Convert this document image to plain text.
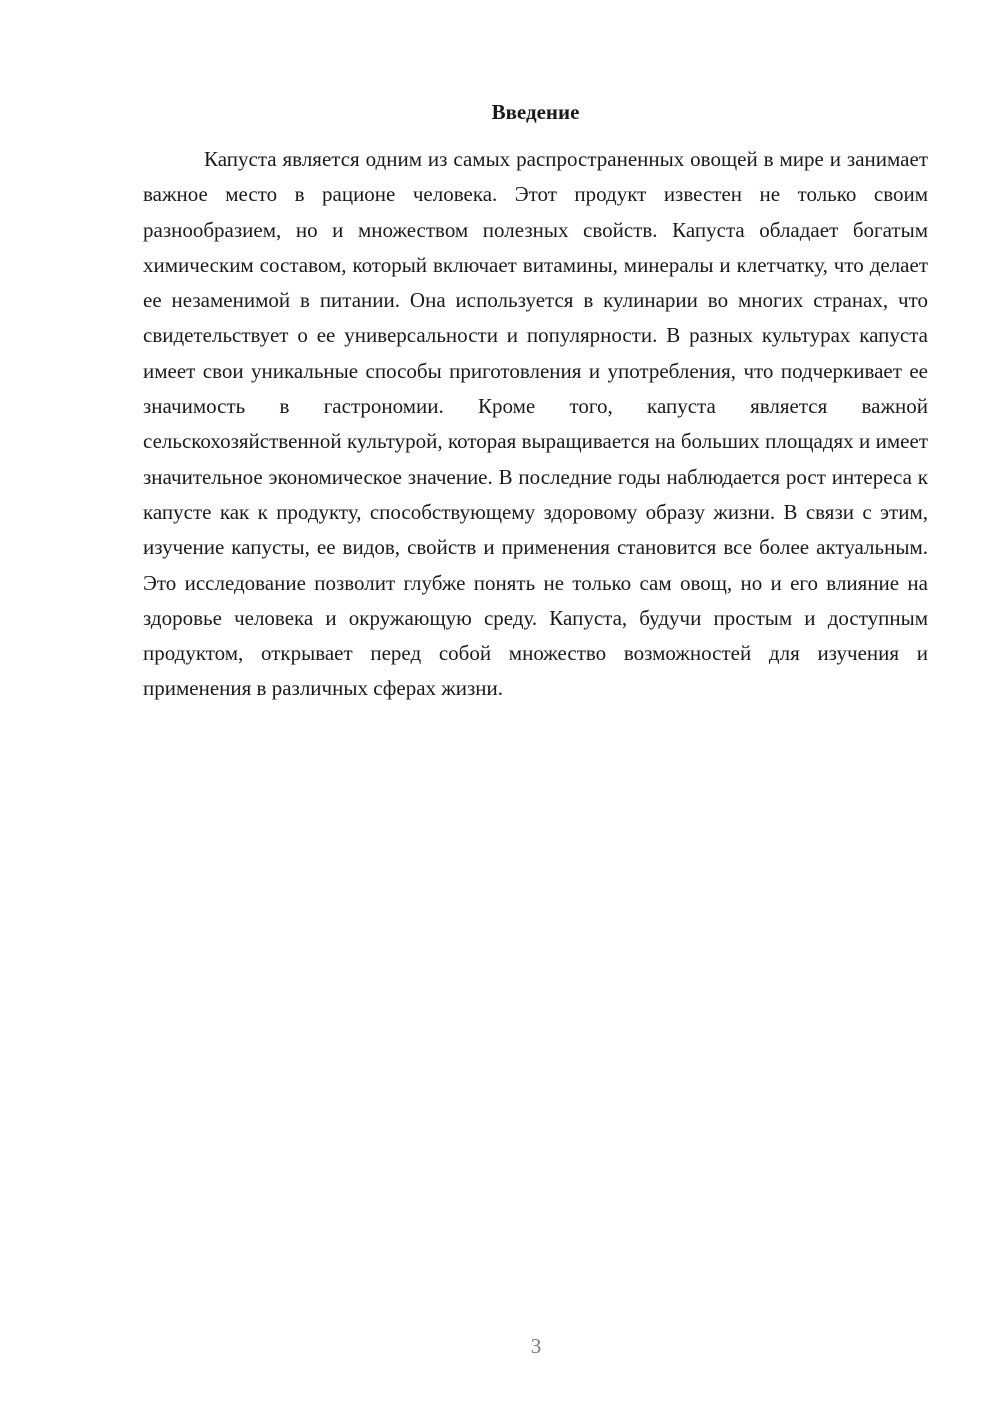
Введение

Капуста является одним из самых распространенных овощей в мире и занимает важное место в рационе человека. Этот продукт известен не только своим разнообразием, но и множеством полезных свойств. Капуста обладает богатым химическим составом, который включает витамины, минералы и клетчатку, что делает ее незаменимой в питании. Она используется в кулинарии во многих странах, что свидетельствует о ее универсальности и популярности. В разных культурах капуста имеет свои уникальные способы приготовления и употребления, что подчеркивает ее значимость в гастрономии. Кроме того, капуста является важной сельскохозяйственной культурой, которая выращивается на больших площадях и имеет значительное экономическое значение. В последние годы наблюдается рост интереса к капусте как к продукту, способствующему здоровому образу жизни. В связи с этим, изучение капусты, ее видов, свойств и применения становится все более актуальным. Это исследование позволит глубже понять не только сам овощ, но и его влияние на здоровье человека и окружающую среду. Капуста, будучи простым и доступным продуктом, открывает перед собой множество возможностей для изучения и применения в различных сферах жизни.

3
